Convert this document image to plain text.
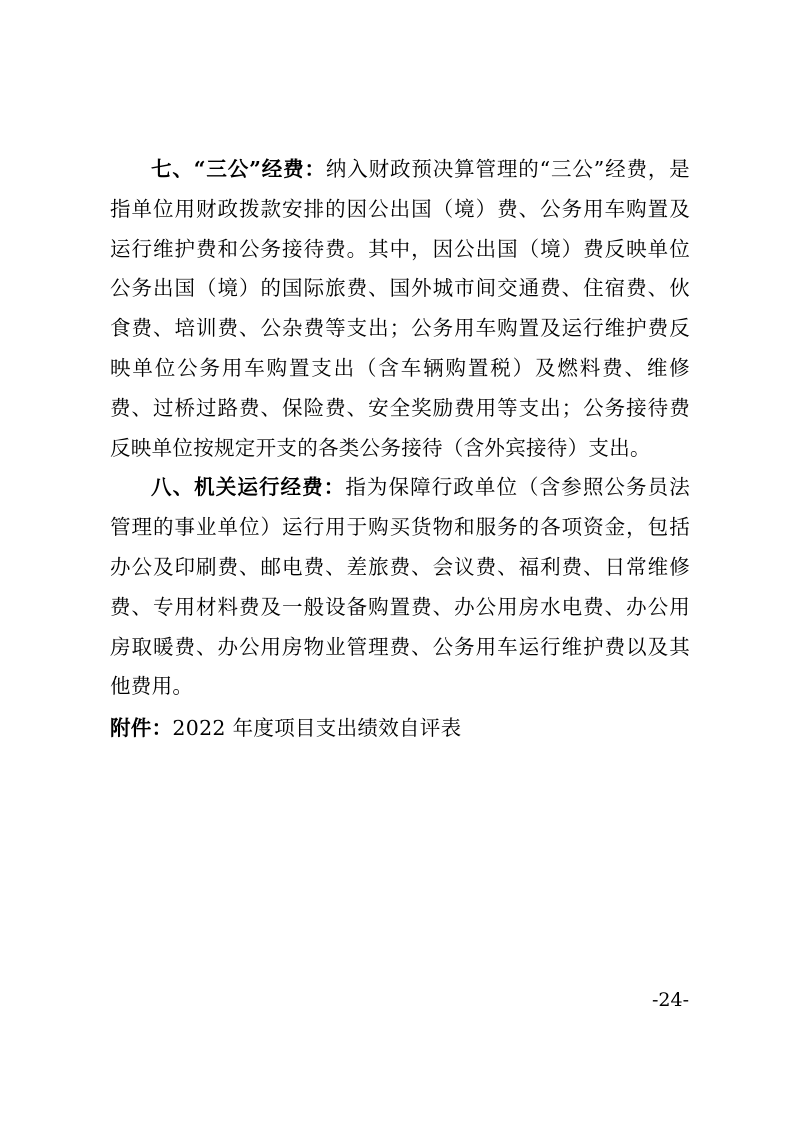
七、“三公”经费：纳入财政预决算管理的“三公”经费，是指单位用财政拨款安排的因公出国（境）费、公务用车购置及运行维护费和公务接待费。其中，因公出国（境）费反映单位公务出国（境）的国际旅费、国外城市间交通费、住宿费、伙食费、培训费、公杂费等支出；公务用车购置及运行维护费反映单位公务用车购置支出（含车辆购置税）及燃料费、维修费、过桥过路费、保险费、安全奖励费用等支出；公务接待费反映单位按规定开支的各类公务接待（含外宾接待）支出。

八、机关运行经费：指为保障行政单位（含参照公务员法管理的事业单位）运行用于购买货物和服务的各项资金，包括办公及印刷费、邮电费、差旅费、会议费、福利费、日常维修费、专用材料费及一般设备购置费、办公用房水电费、办公用房取暖费、办公用房物业管理费、公务用车运行维护费以及其他费用。

附件：2022 年度项目支出绩效自评表
-24-
